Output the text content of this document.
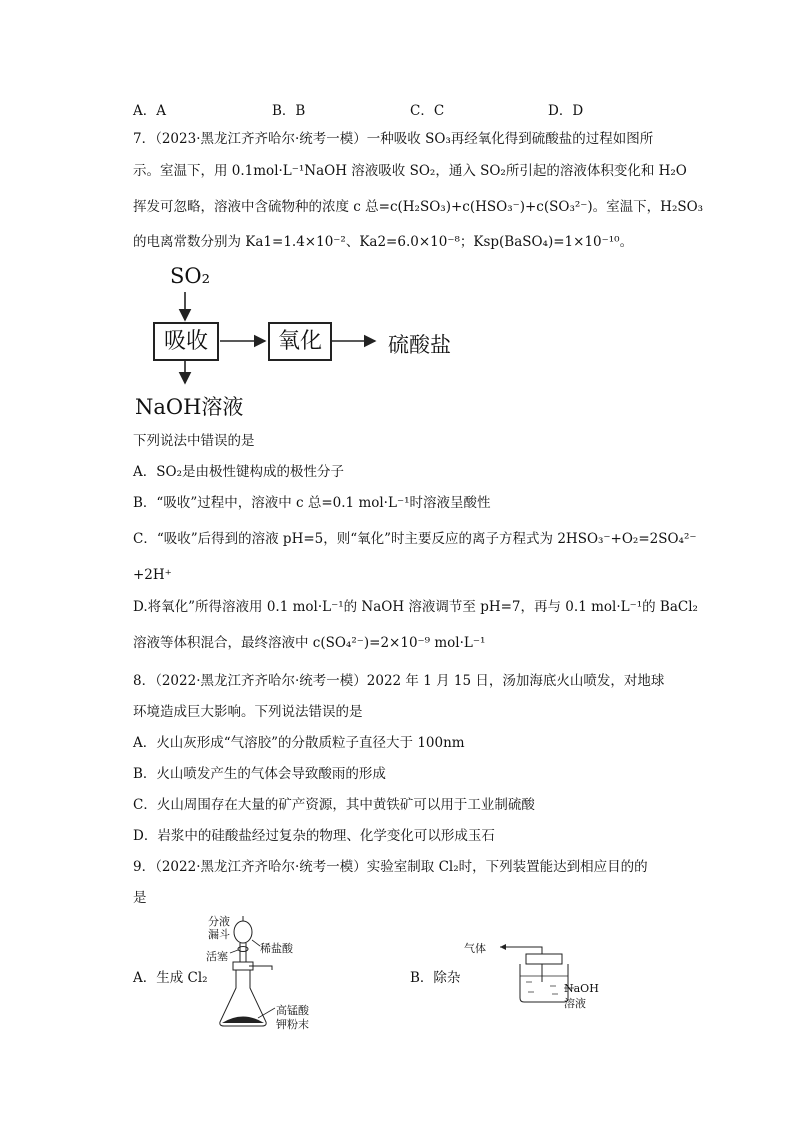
A．A	B．B	C．C	D．D
7．（2023·黑龙江齐齐哈尔·统考一模）一种吸收 SO₃再经氧化得到硫酸盐的过程如图所
示。室温下，用 0.1mol·L⁻¹NaOH 溶液吸收 SO₂，通入 SO₂所引起的溶液体积变化和 H₂O
挥发可忽略，溶液中含硫物种的浓度 c 总=c(H₂SO₃)+c(HSO₃⁻)+c(SO₃²⁻)。室温下，H₂SO₃
的电离常数分别为 Ka1=1.4×10⁻²、Ka2=6.0×10⁻⁸；Ksp(BaSO₄)=1×10⁻¹⁰。
SO₂
吸收	氧化	硫酸盐
NaOH溶液
下列说法中错误的是
A．SO₂是由极性键构成的极性分子
B．“吸收”过程中，溶液中 c 总=0.1 mol·L⁻¹时溶液呈酸性
C．“吸收”后得到的溶液 pH=5，则“氧化”时主要反应的离子方程式为 2HSO₃⁻+O₂=2SO₄²⁻
+2H⁺
D.将氧化”所得溶液用 0.1 mol·L⁻¹的 NaOH 溶液调节至 pH=7，再与 0.1 mol·L⁻¹的 BaCl₂
溶液等体积混合，最终溶液中 c(SO₄²⁻)=2×10⁻⁹ mol·L⁻¹
8．（2022·黑龙江齐齐哈尔·统考一模）2022 年 1 月 15 日，汤加海底火山喷发，对地球
环境造成巨大影响。下列说法错误的是
A．火山灰形成“气溶胶”的分散质粒子直径大于 100nm
B．火山喷发产生的气体会导致酸雨的形成
C．火山周围存在大量的矿产资源，其中黄铁矿可以用于工业制硫酸
D．岩浆中的硅酸盐经过复杂的物理、化学变化可以形成玉石
9．（2022·黑龙江齐齐哈尔·统考一模）实验室制取 Cl₂时，下列装置能达到相应目的的
是
A．生成 Cl₂
分液
漏斗
稀盐酸
活塞
高锰酸
钾粉末
B．除杂
气体
NaOH
溶液
